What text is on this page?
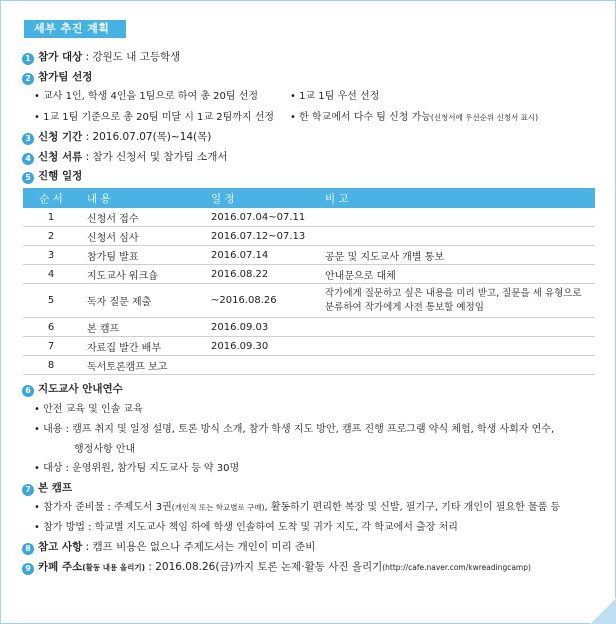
세부 추진 계획
1 참가 대상 : 강원도 내 고등학생
2 참가팀 선정
• 교사 1인, 학생 4인을 1팀으로 하여 총 20팀 선정	• 1교 1팀 우선 선정
• 1교 1팀 기준으로 총 20팀 미달 시 1교 2팀까지 선정 • 한 학교에서 다수 팀 신청 가능(신청서에 우선순위 신청서 표시)
3 신청 기간 : 2016.07.07(목)~14(목)
4 신청 서류 : 참가 신청서 및 참가팀 소개서
5 진행 일정
순 서	내 용	일 정	비 고
1	신청서 접수	2016.07.04~07.11	
2	신청서 심사	2016.07.12~07.13	
3	참가팀 발표	2016.07.14	공문 및 지도교사 개별 통보
4	지도교사 워크숍	2016.08.22	안내문으로 대체
5	독자 질문 제출	~2016.08.26	작가에게 질문하고 싶은 내용을 미리 받고, 질문을 세 유형으로
분류하여 작가에게 사전 통보할 예정임

6	본 캠프	2016.09.03	
7	자료집 발간 배부	2016.09.30	
8	독서토론캠프 보고		
6 지도교사 안내연수
• 안전 교육 및 인솔 교육
• 내용 : 캠프 취지 및 일정 설명, 토론 방식 소개, 참가 학생 지도 방안, 캠프 진행 프로그램 약식 체험, 학생 사회자 연수,
행정사항 안내
• 대상 : 운영위원, 참가팀 지도교사 등 약 30명
7 본 캠프
• 참가자 준비물 : 주제도서 3권(개인적 또는 학교별로 구매), 활동하기 편리한 복장 및 신발, 필기구, 기타 개인이 필요한 물품 등
• 참가 방법 : 학교별 지도교사 책임 하에 학생 인솔하여 도착 및 귀가 지도, 각 학교에서 출장 처리
8 참고 사항 : 캠프 비용은 없으나 주제도서는 개인이 미리 준비
9 카페 주소(활동 내용 올리기) : 2016.08.26(금)까지 토론 논제·활동 사진 올리기(http://cafe.naver.com/kwreadingcamp)
